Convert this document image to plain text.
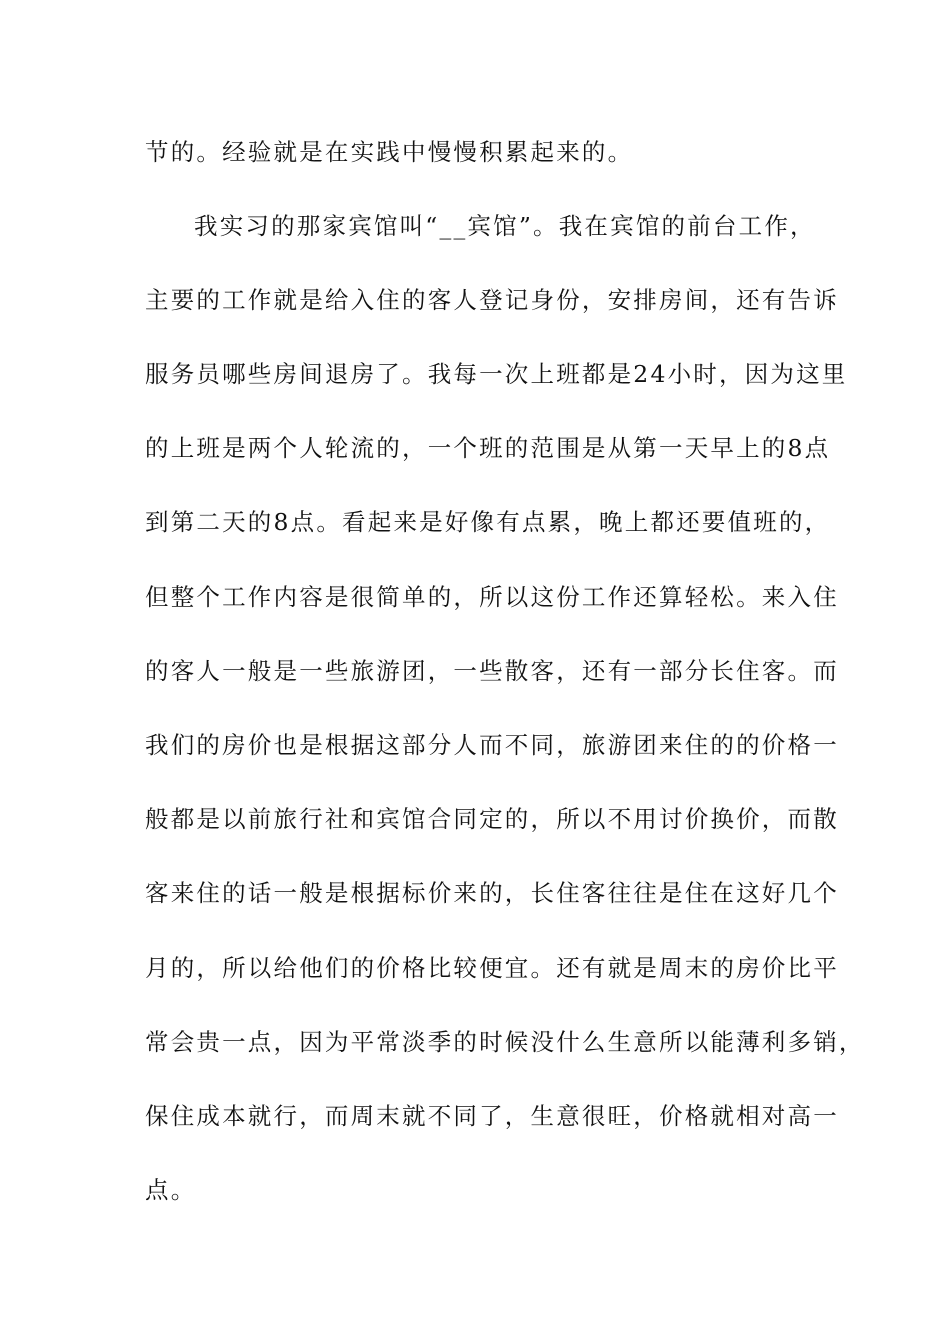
节的。经验就是在实践中慢慢积累起来的。

我实习的那家宾馆叫“__宾馆”。我在宾馆的前台工作，

主要的工作就是给入住的客人登记身份，安排房间，还有告诉

服务员哪些房间退房了。我每一次上班都是24小时，因为这里

的上班是两个人轮流的，一个班的范围是从第一天早上的8点

到第二天的8点。看起来是好像有点累，晚上都还要值班的，

但整个工作内容是很简单的，所以这份工作还算轻松。来入住

的客人一般是一些旅游团，一些散客，还有一部分长住客。而

我们的房价也是根据这部分人而不同，旅游团来住的的价格一

般都是以前旅行社和宾馆合同定的，所以不用讨价换价，而散

客来住的话一般是根据标价来的，长住客往往是住在这好几个

月的，所以给他们的价格比较便宜。还有就是周末的房价比平

常会贵一点，因为平常淡季的时候没什么生意所以能薄利多销，

保住成本就行，而周末就不同了，生意很旺，价格就相对高一

点。
